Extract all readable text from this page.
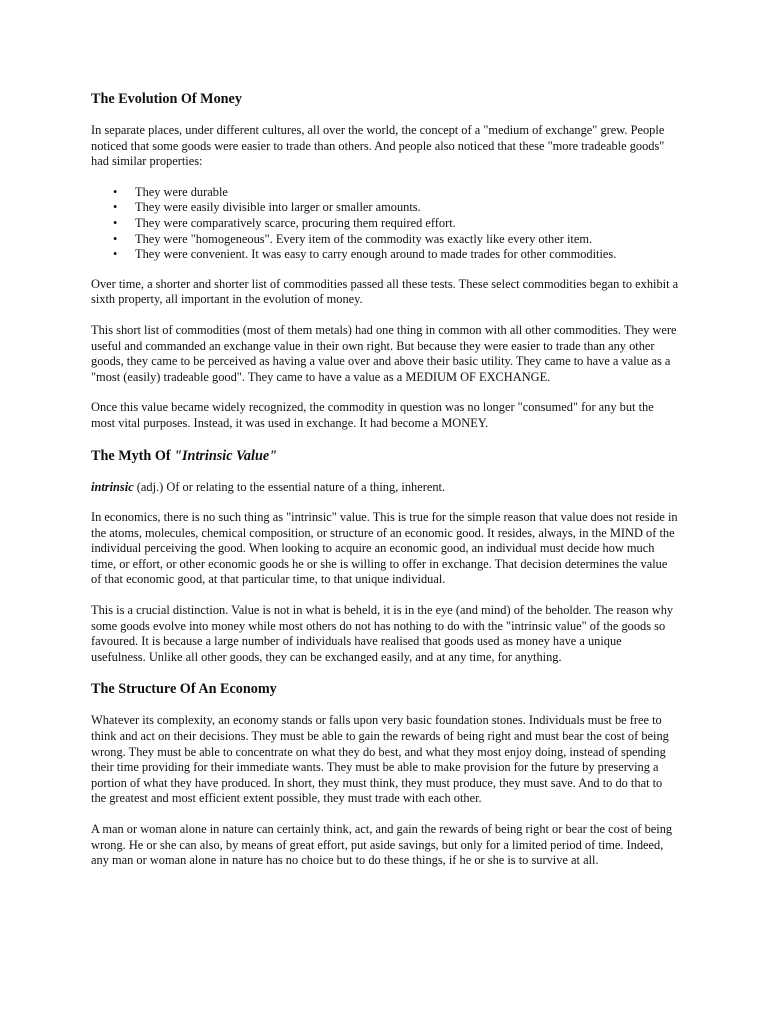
The Evolution Of Money

In separate places, under different cultures, all over the world, the concept of a "medium of exchange" grew. People noticed that some goods were easier to trade than others. And people also noticed that these "more tradeable goods" had similar properties:

• They were durable
• They were easily divisible into larger or smaller amounts.
• They were comparatively scarce, procuring them required effort.
• They were "homogeneous". Every item of the commodity was exactly like every other item.
• They were convenient. It was easy to carry enough around to made trades for other commodities.

Over time, a shorter and shorter list of commodities passed all these tests. These select commodities began to exhibit a sixth property, all important in the evolution of money.

This short list of commodities (most of them metals) had one thing in common with all other commodities. They were useful and commanded an exchange value in their own right. But because they were easier to trade than any other goods, they came to be perceived as having a value over and above their basic utility. They came to have a value as a "most (easily) tradeable good". They came to have a value as a MEDIUM OF EXCHANGE.

Once this value became widely recognized, the commodity in question was no longer "consumed" for any but the most vital purposes. Instead, it was used in exchange. It had become a MONEY.

The Myth Of "Intrinsic Value"

intrinsic (adj.) Of or relating to the essential nature of a thing, inherent.

In economics, there is no such thing as "intrinsic" value. This is true for the simple reason that value does not reside in the atoms, molecules, chemical composition, or structure of an economic good. It resides, always, in the MIND of the individual perceiving the good. When looking to acquire an economic good, an individual must decide how much time, or effort, or other economic goods he or she is willing to offer in exchange. That decision determines the value of that economic good, at that particular time, to that unique individual.

This is a crucial distinction. Value is not in what is beheld, it is in the eye (and mind) of the beholder. The reason why some goods evolve into money while most others do not has nothing to do with the "intrinsic value" of the goods so favoured. It is because a large number of individuals have realised that goods used as money have a unique usefulness. Unlike all other goods, they can be exchanged easily, and at any time, for anything.

The Structure Of An Economy

Whatever its complexity, an economy stands or falls upon very basic foundation stones. Individuals must be free to think and act on their decisions. They must be able to gain the rewards of being right and must bear the cost of being wrong. They must be able to concentrate on what they do best, and what they most enjoy doing, instead of spending their time providing for their immediate wants. They must be able to make provision for the future by preserving a portion of what they have produced. In short, they must think, they must produce, they must save. And to do that to the greatest and most efficient extent possible, they must trade with each other.

A man or woman alone in nature can certainly think, act, and gain the rewards of being right or bear the cost of being wrong. He or she can also, by means of great effort, put aside savings, but only for a limited period of time. Indeed, any man or woman alone in nature has no choice but to do these things, if he or she is to survive at all.
